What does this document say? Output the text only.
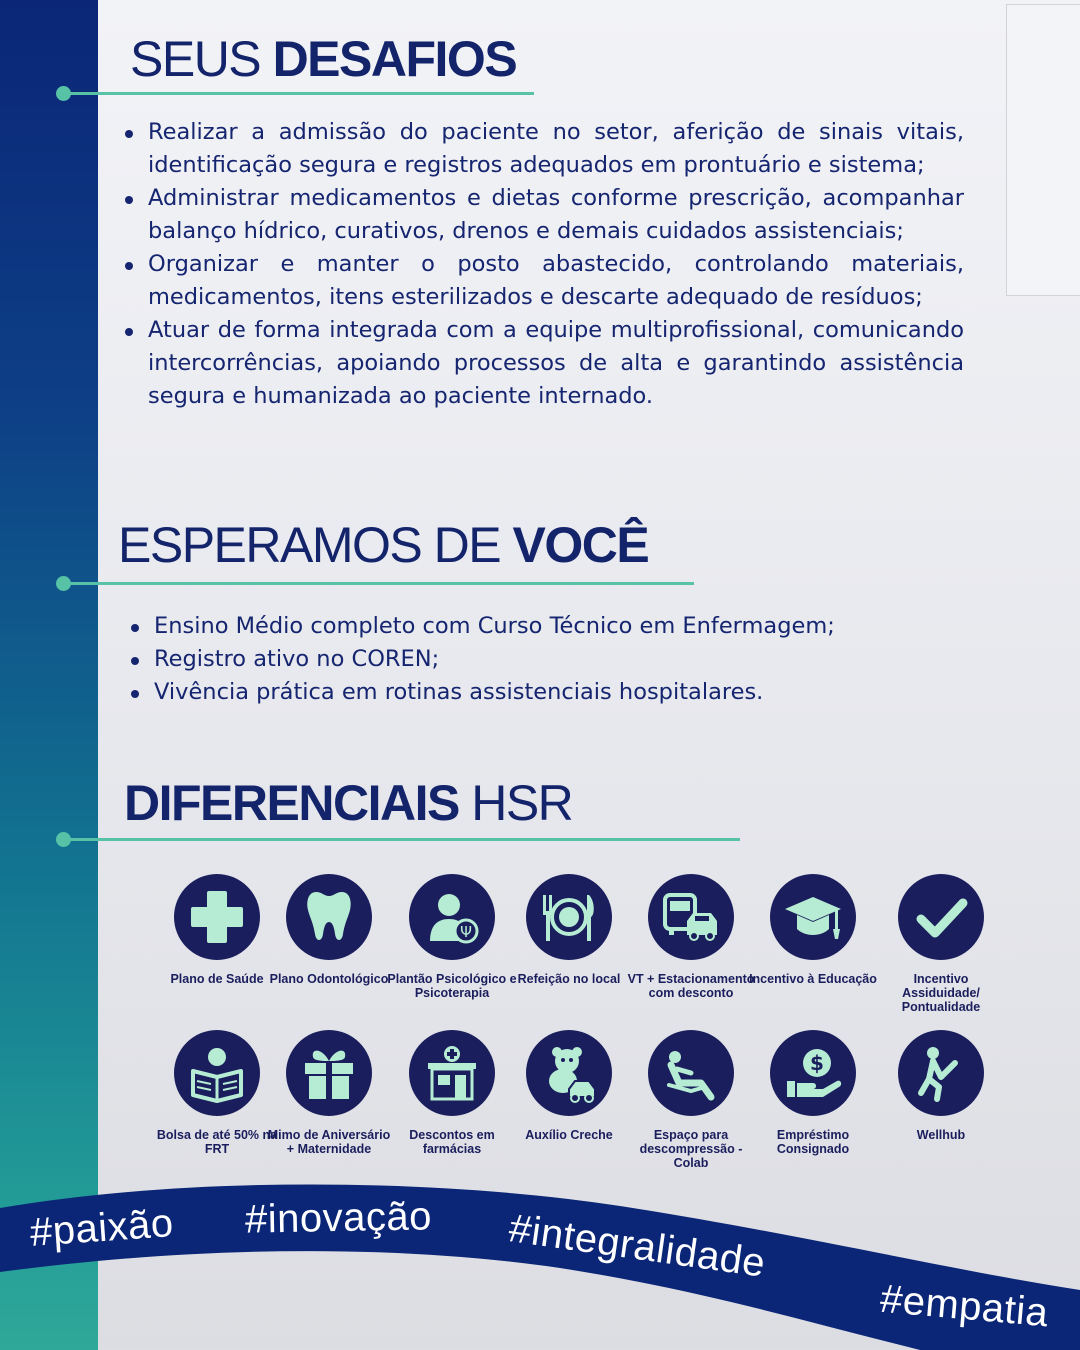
SEUS DESAFIOS
Realizar a admissão do paciente no setor, aferição de sinais vitais, identificação segura e registros adequados em prontuário e sistema;
Administrar medicamentos e dietas conforme prescrição, acompanhar balanço hídrico, curativos, drenos e demais cuidados assistenciais;
Organizar e manter o posto abastecido, controlando materiais, medicamentos, itens esterilizados e descarte adequado de resíduos;
Atuar de forma integrada com a equipe multiprofissional, comunicando intercorrências, apoiando processos de alta e garantindo assistência segura e humanizada ao paciente internado.
ESPERAMOS DE VOCÊ
Ensino Médio completo com Curso Técnico em Enfermagem;
Registro ativo no COREN;
Vivência prática em rotinas assistenciais hospitalares.
DIFERENCIAIS HSR
Plano de Saúde Plano Odontológico
Ψ
Plantão Psicológico e Psicoterapia
Refeição no local VT + Estacionamento com desconto
Incentivo à Educação	Incentivo Assiduidade/ Pontualidade
Bolsa de até 50% na FRT
Mimo de Aniversário + Maternidade
Descontos em farmácias
Auxílio Creche	Espaço para descompressão - Colab
$
Empréstimo Consignado
Wellhub
#paixão #inovação #integralidade
#empatia
